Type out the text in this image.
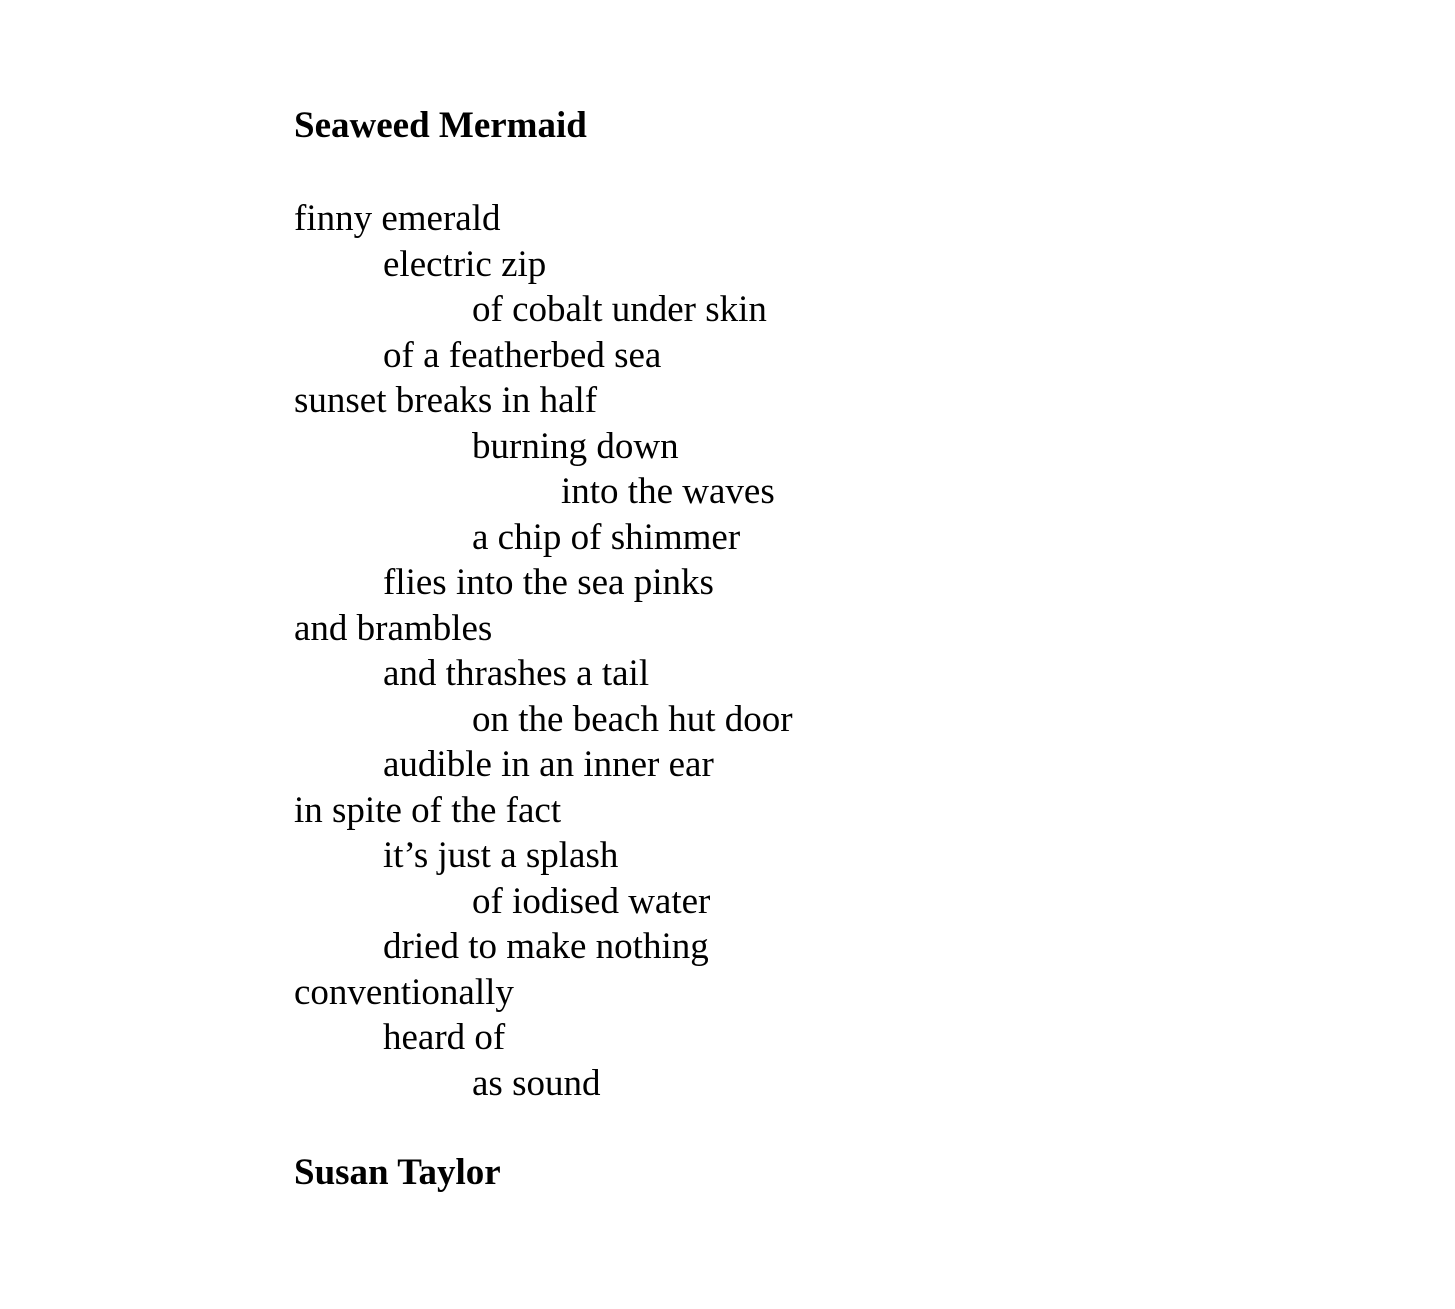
Seaweed Mermaid
finny emerald
electric zip
of cobalt under skin
of a featherbed sea
sunset breaks in half
burning down
into the waves
a chip of shimmer
flies into the sea pinks
and brambles
and thrashes a tail
on the beach hut door
audible in an inner ear
in spite of the fact
it’s just a splash
of iodised water
dried to make nothing
conventionally
heard of
as sound

Susan Taylor
